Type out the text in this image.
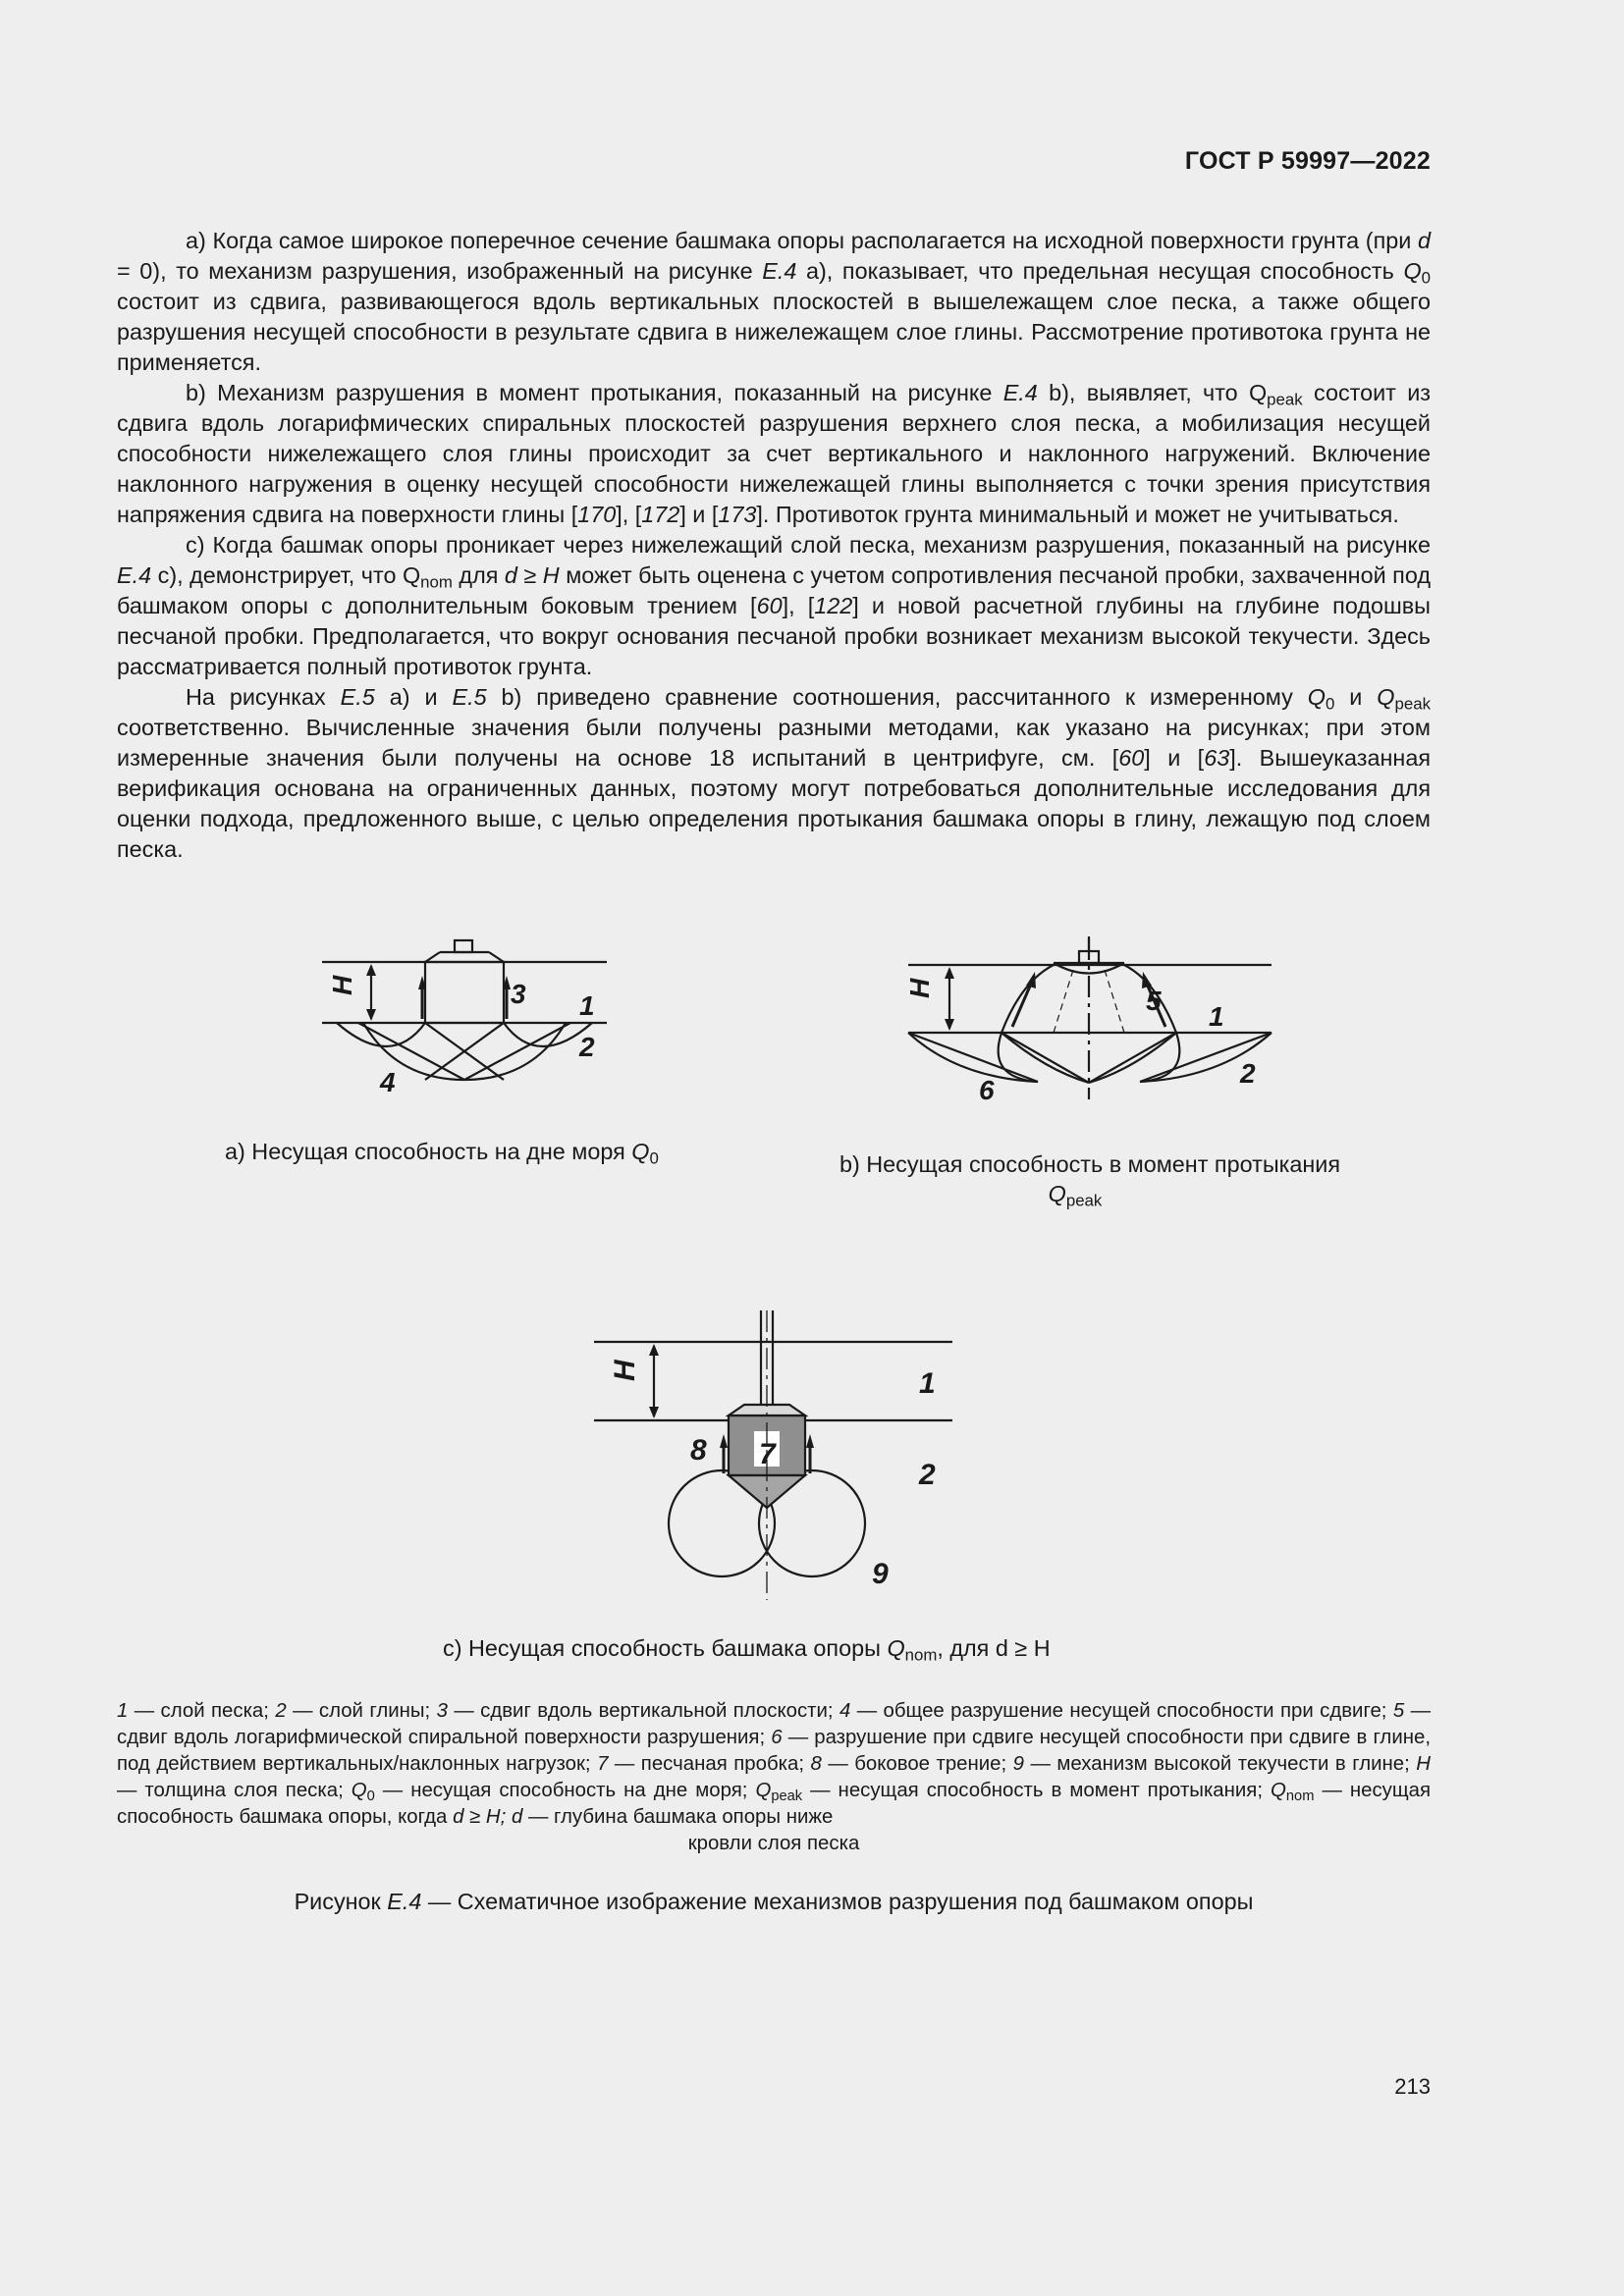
ГОСТ Р 59997—2022

а) Когда самое широкое поперечное сечение башмака опоры располагается на исходной поверхности грунта (при d = 0), то механизм разрушения, изображенный на рисунке E.4 а), показывает, что предельная несущая способность $Q_0$ состоит из сдвига, развивающегося вдоль вертикальных плоскостей в вышележащем слое песка, а также общего разрушения несущей способности в результате сдвига в нижележащем слое глины. Рассмотрение противотока грунта не применяется.

b) Механизм разрушения в момент протыкания, показанный на рисунке E.4 b), выявляет, что $Q_{peak}$ состоит из сдвига вдоль логарифмических спиральных плоскостей разрушения верхнего слоя песка, а мобилизация несущей способности нижележащего слоя глины происходит за счет вертикального и наклонного нагружений. Включение наклонного нагружения в оценку несущей способности нижележащей глины выполняется с точки зрения присутствия напряжения сдвига на поверхности глины [170], [172] и [173]. Противоток грунта минимальный и может не учитываться.

c) Когда башмак опоры проникает через нижележащий слой песка, механизм разрушения, показанный на рисунке E.4 c), демонстрирует, что $Q_{nom}$ для d ≥ H может быть оценена с учетом сопротивления песчаной пробки, захваченной под башмаком опоры с дополнительным боковым трением [60], [122] и новой расчетной глубины на глубине подошвы песчаной пробки. Предполагается, что вокруг основания песчаной пробки возникает механизм высокой текучести. Здесь рассматривается полный противоток грунта.

На рисунках E.5 а) и E.5 b) приведено сравнение соотношения, рассчитанного к измеренному $Q_0$ и $Q_{peak}$ соответственно. Вычисленные значения были получены разными методами, как указано на рисунках; при этом измеренные значения были получены на основе 18 испытаний в центрифуге, см. [60] и [63]. Вышеуказанная верификация основана на ограниченных данных, поэтому могут потребоваться дополнительные исследования для оценки подхода, предложенного выше, с целью определения протыкания башмака опоры в глину, лежащую под слоем песка.

H	3 1
2
4
а) Несущая способность на дне моря $Q_0$
H	5
1
2
6
b) Несущая способность в момент протыкания
$Q_{peak}$
H	1
7
8
2
9
с) Несущая способность башмака опоры $Q_{nom}$, для d ≥ H
1 — слой песка; 2 — слой глины; 3 — сдвиг вдоль вертикальной плоскости; 4 — общее разрушение несущей способности при сдвиге; 5 — сдвиг вдоль логарифмической спиральной поверхности разрушения; 6 — разрушение при сдвиге несущей способности при сдвиге в глине, под действием вертикальных/наклонных нагрузок; 7 — песчаная пробка; 8 — боковое трение; 9 — механизм высокой текучести в глине; H — толщина слоя песка; $Q_0$ — несущая способность на дне моря; $Q_{peak}$ — несущая способность в момент протыкания; $Q_{nom}$ — несущая способность башмака опоры, когда d ≥ H; d — глубина башмака опоры ниже
кровли слоя песка
Рисунок E.4 — Схематичное изображение механизмов разрушения под башмаком опоры
213
